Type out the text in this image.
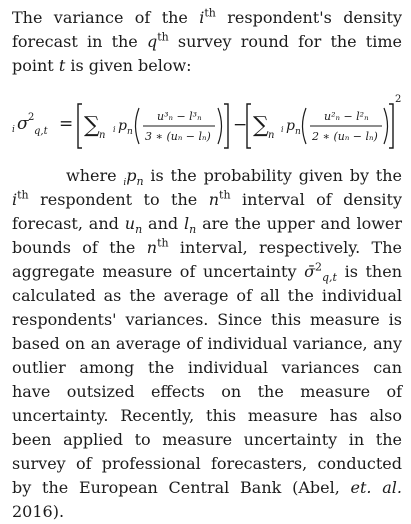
The variance of the $i^{th}$ respondent's density forecast in the $q^{th}$ survey round for the time point t is given below:

i σ 2
q,t = ∑ n
i p n
u³ₙ − l³ₙ
3 ∗ (uₙ − lₙ)
− ∑ n
i p n
u²ₙ − l²ₙ
2 ∗ (uₙ − lₙ)
2

where $_ip_n$ is the probability given by the $i^{th}$ respondent to the $n^{th}$ interval of density forecast, and $u_n$ and $l_n$ are the upper and lower bounds of the $n^{th}$ interval, respectively. The aggregate measure of uncertainty σ̄$^2_{q,t}$ is then calculated as the average of all the individual respondents' variances. Since this measure is based on an average of individual variance, any outlier among the individual variances can have outsized effects on the measure of uncertainty. Recently, this measure has also been applied to measure uncertainty in the survey of professional forecasters, conducted by the European Central Bank (Abel, et. al. 2016).
